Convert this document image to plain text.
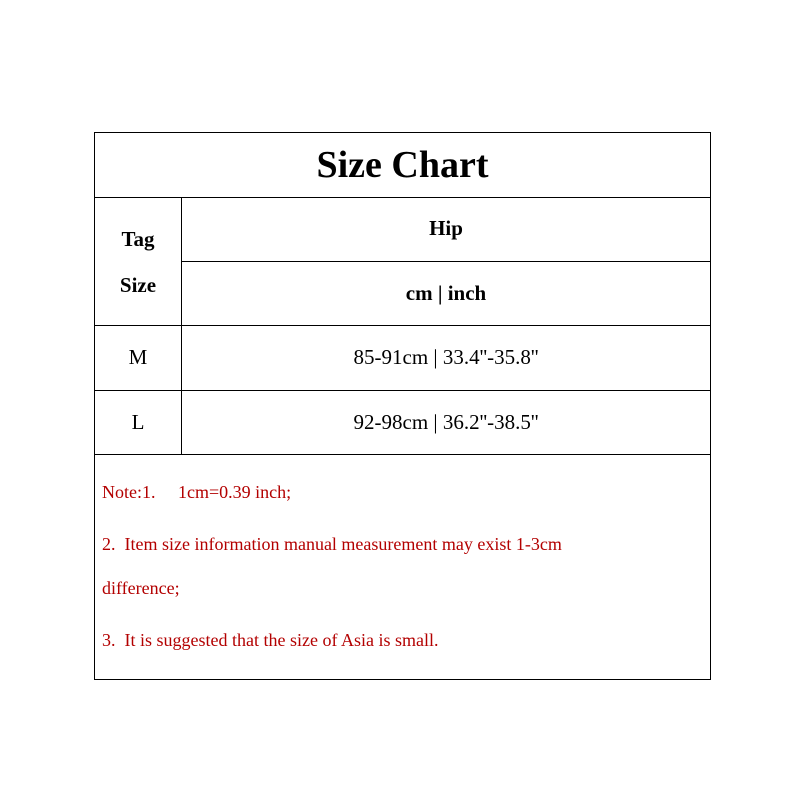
Size Chart
Tag
Size
Hip
cm | inch
M	85-91cm | 33.4''-35.8''
L	92-98cm | 36.2''-38.5''
Note:1.     1cm=0.39 inch;
2.  Item size information manual measurement may exist 1-3cm
difference;
3.  It is suggested that the size of Asia is small.
